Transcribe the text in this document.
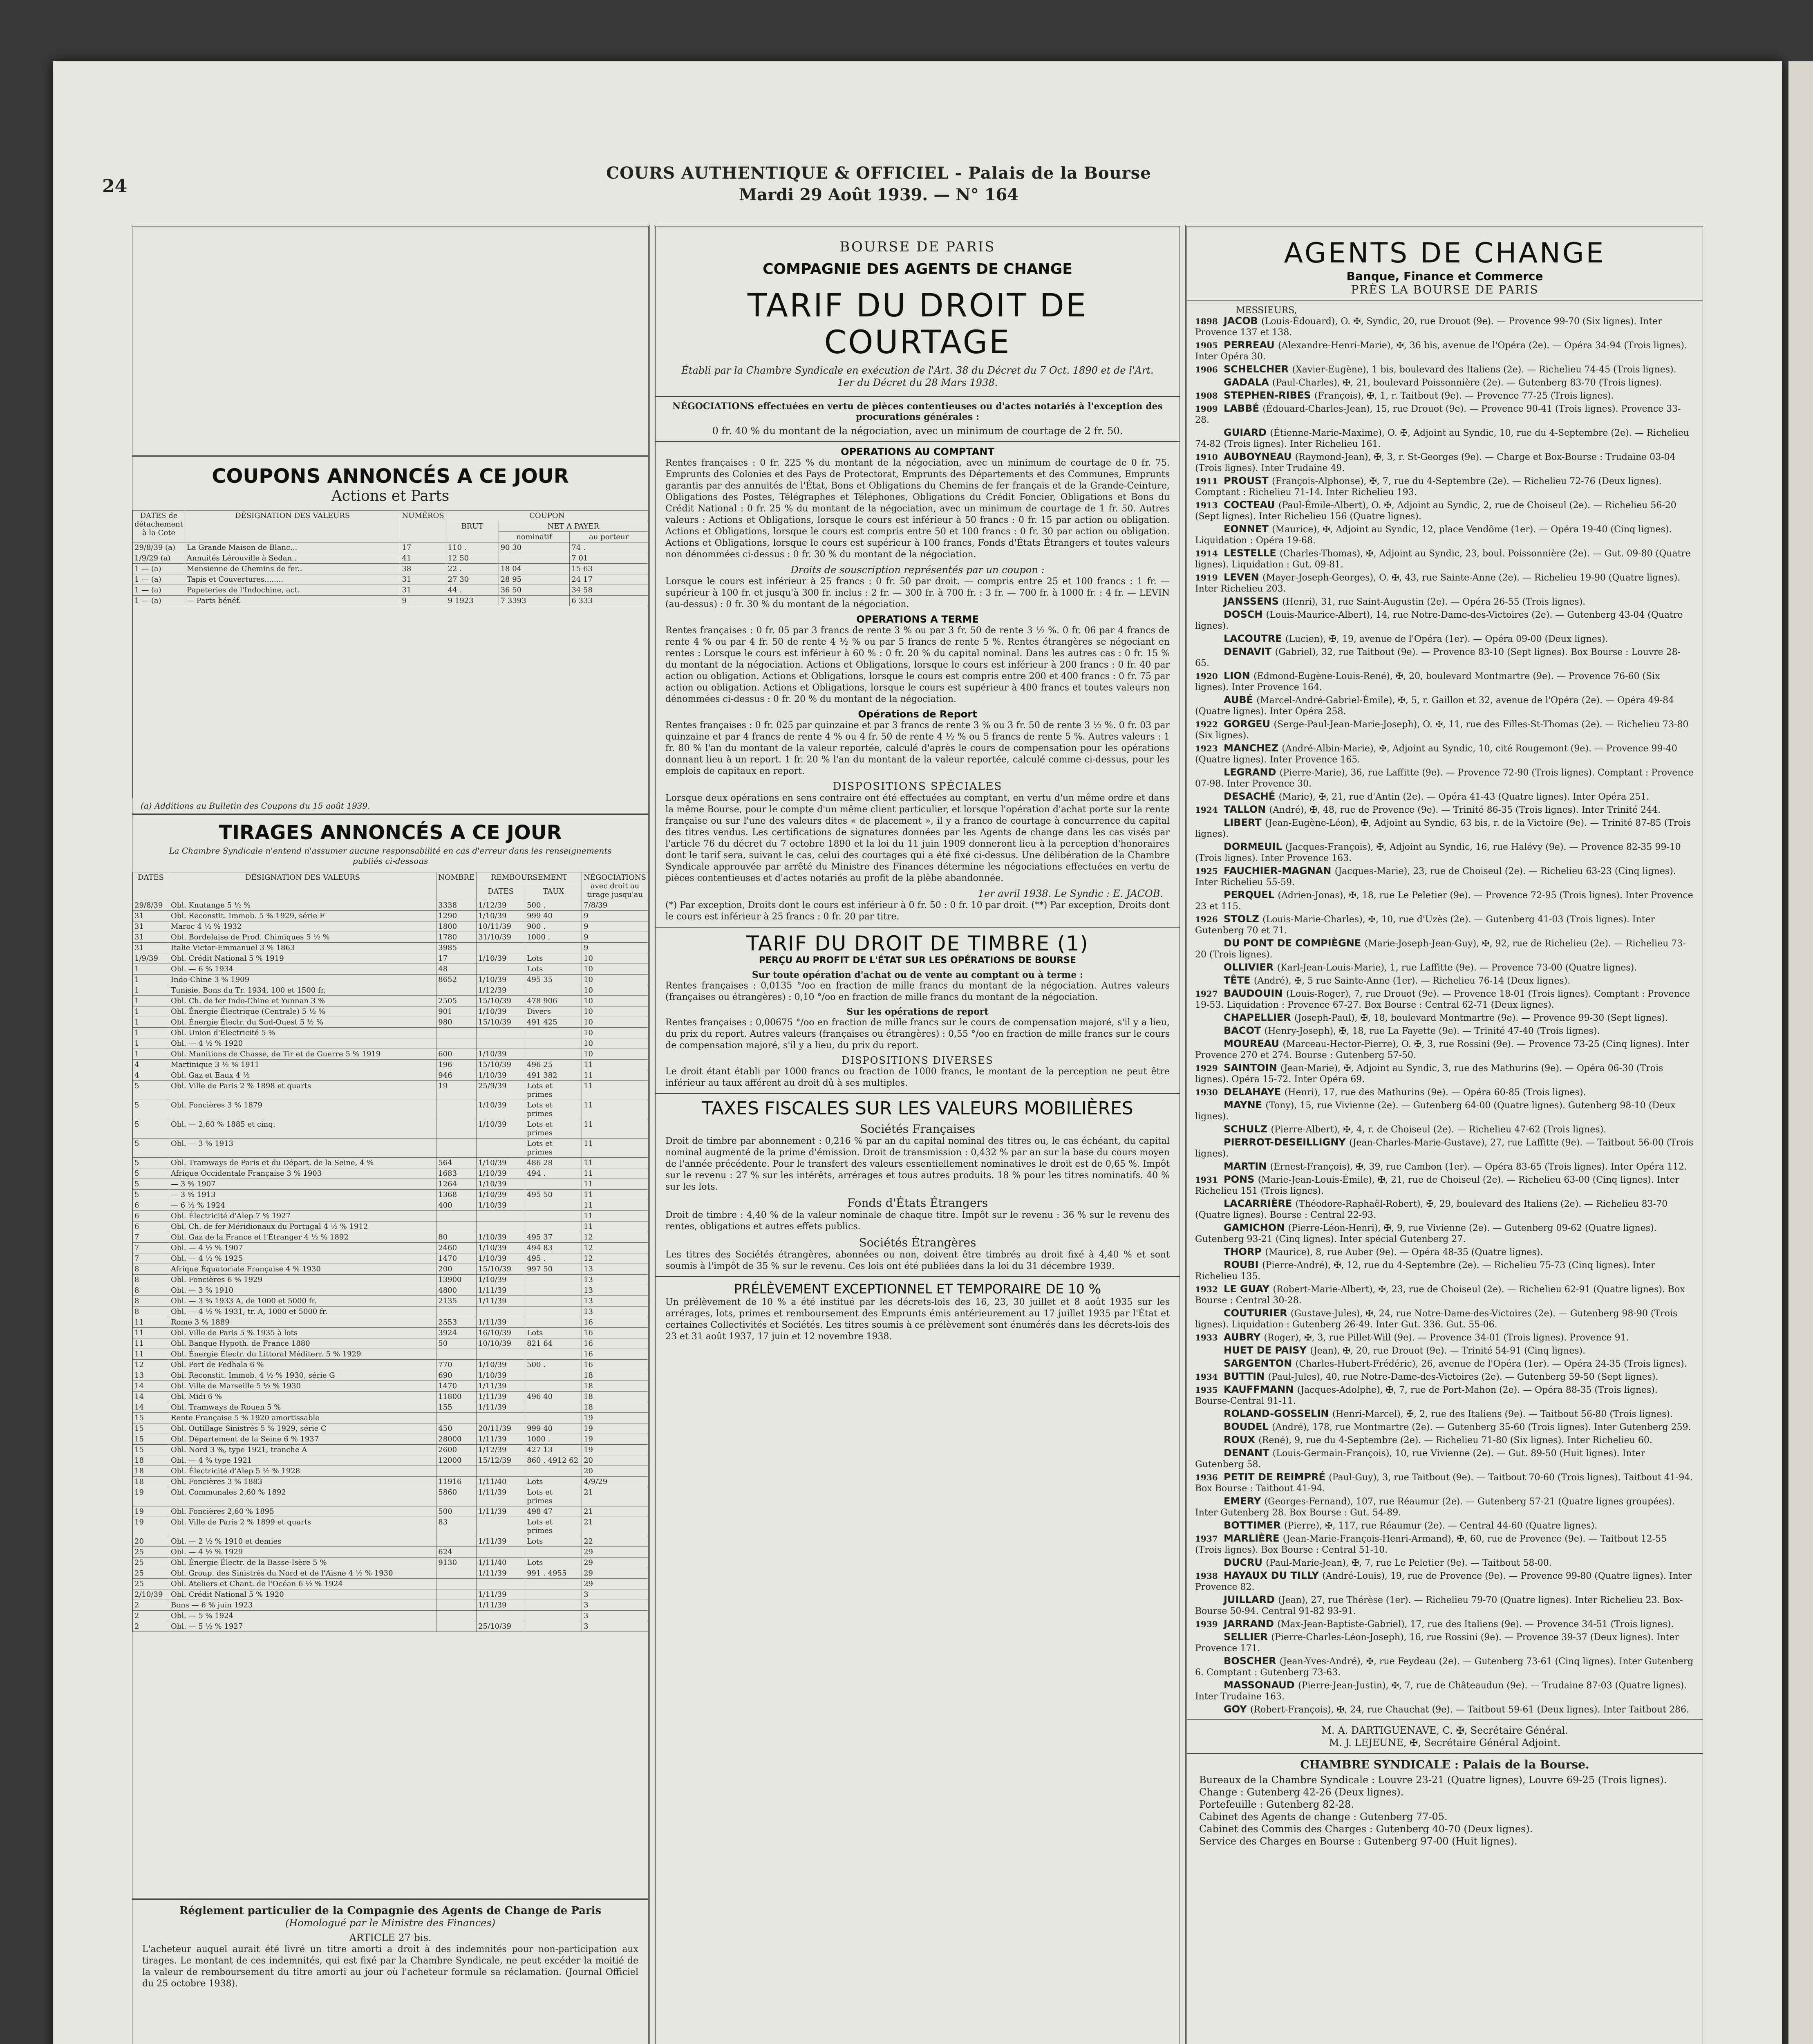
24
COURS AUTHENTIQUE & OFFICIEL - Palais de la Bourse
Mardi 29 Août 1939. — N° 164
COUPONS ANNONCÉS A CE JOUR
Actions et Parts
DATES de détachement à la Cote	DÉSIGNATION DES VALEURS	NUMÉROS	COUPON		
			BRUT	NET A PAYER	
				nominatif	au porteur
29/8/39 (a)	La Grande Maison de Blanc...	17	110 .	90 30	74 .
1/9/29 (a)	Annuités Lérouville à Sedan..	41	12 50		7 01
1 — (a)	Mensienne de Chemins de fer..	38	22 .	18 04	15 63
1 — (a)	Tapis et Couvertures........	31	27 30	28 95	24 17
1 — (a)	Papeteries de l'Indochine, act.	31	44 .	36 50	34 58
1 — (a)	— Parts bénéf.	9	9 1923	7 3393	6 333
(a) Additions au Bulletin des Coupons du 15 août 1939.
TIRAGES ANNONCÉS A CE JOUR
La Chambre Syndicale n'entend n'assumer aucune responsabilité en cas d'erreur dans les renseignements publiés ci-dessous
DATES	DÉSIGNATION DES VALEURS	NOMBRE	REMBOURSEMENT		NÉGOCIATIONS avec droit au tirage jusqu'au
			DATES	TAUX	
29/8/39	Obl. Knutange 5 ½ %	3338	1/12/39	500 .	7/8/39
31	Obl. Reconstit. Immob. 5 % 1929, série F	1290	1/10/39	999 40	9
31	Maroc 4 ½ % 1932	1800	10/11/39	900 .	9
31	Obl. Bordelaise de Prod. Chimiques 5 ½ %	1780	31/10/39	1000 .	9
31	Italie Victor-Emmanuel 3 % 1863	3985			9
1/9/39	Obl. Crédit National 5 % 1919	17	1/10/39	Lots	10
1	Obl. — 6 % 1934	48		Lots	10
1	Indo-Chine 3 % 1909	8652	1/10/39	495 35	10
1	Tunisie, Bons du Tr. 1934, 100 et 1500 fr.		1/12/39		10
1	Obl. Ch. de fer Indo-Chine et Yunnan 3 %	2505	15/10/39	478 906	10
1	Obl. Énergie Électrique (Centrale) 5 ½ %	901	1/10/39	Divers	10
1	Obl. Énergie Électr. du Sud-Ouest 5 ½ %	980	15/10/39	491 425	10
1	Obl. Union d'Électricité 5 %				10
1	Obl. — 4 ½ % 1920				10
1	Obl. Munitions de Chasse, de Tir et de Guerre 5 % 1919	600	1/10/39		10
4	Martinique 3 ½ % 1911	196	15/10/39	496 25	11
4	Obl. Gaz et Eaux 4 ½	946	1/10/39	491 382	11
5	Obl. Ville de Paris 2 % 1898 et quarts	19	25/9/39	Lots et primes	11
5	Obl. Foncières 3 % 1879		1/10/39	Lots et primes	11
5	Obl. — 2,60 % 1885 et cinq.		1/10/39	Lots et primes	11
5	Obl. — 3 % 1913			Lots et primes	11
5	Obl. Tramways de Paris et du Départ. de la Seine, 4 %	564	1/10/39	486 28	11
5	Afrique Occidentale Française 3 % 1903	1683	1/10/39	494 .	11
5	— 3 % 1907	1264	1/10/39		11
5	— 3 % 1913	1368	1/10/39	495 50	11
6	— 6 ½ % 1924	400	1/10/39		11
6	Obl. Électricité d'Alep 7 % 1927				11
6	Obl. Ch. de fer Méridionaux du Portugal 4 ½ % 1912				11
7	Obl. Gaz de la France et l'Étranger 4 ½ % 1892	80	1/10/39	495 37	12
7	Obl. — 4 ½ % 1907	2460	1/10/39	494 83	12
7	Obl. — 4 ½ % 1925	1470	1/10/39	495 .	12
8	Afrique Équatoriale Française 4 % 1930	200	15/10/39	997 50	13
8	Obl. Foncières 6 % 1929	13900	1/10/39		13
8	Obl. — 3 % 1910	4800	1/11/39		13
8	Obl. — 3 % 1933 A, de 1000 et 5000 fr.	2135	1/11/39		13
8	Obl. — 4 ½ % 1931, tr. A, 1000 et 5000 fr.				13
11	Rome 3 % 1889	2553	1/11/39		16
11	Obl. Ville de Paris 5 % 1935 à lots	3924	16/10/39	Lots	16
11	Obl. Banque Hypoth. de France 1880	50	10/10/39	821 64	16
11	Obl. Énergie Électr. du Littoral Méditerr. 5 % 1929				16
12	Obl. Port de Fedhala 6 %	770	1/10/39	500 .	16
13	Obl. Reconstit. Immob. 4 ½ % 1930, série G	690	1/10/39		18
14	Obl. Ville de Marseille 5 ½ % 1930	1470	1/11/39		18
14	Obl. Midi 6 %	11800	1/11/39	496 40	18
14	Obl. Tramways de Rouen 5 %	155	1/11/39		18
15	Rente Française 5 % 1920 amortissable				19
15	Obl. Outillage Sinistrés 5 % 1929, série C	450	20/11/39	999 40	19
15	Obl. Département de la Seine 6 % 1937	28000	1/11/39	1000 .	19
15	Obl. Nord 3 %, type 1921, tranche A	2600	1/12/39	427 13	19
18	Obl. — 4 % type 1921	12000	15/12/39	860 . 4912 62	20
18	Obl. Électricité d'Alep 5 ½ % 1928				20
18	Obl. Foncières 3 % 1883	11916	1/11/40	Lots	4/9/29
19	Obl. Communales 2,60 % 1892	5860	1/11/39	Lots et primes	21
19	Obl. Foncières 2,60 % 1895	500	1/11/39	498 47	21
19	Obl. Ville de Paris 2 % 1899 et quarts	83		Lots et primes	21
20	Obl. — 2 ½ % 1910 et demies		1/11/39	Lots	22
25	Obl. — 4 ½ % 1929	624			29
25	Obl. Énergie Électr. de la Basse-Isère 5 %	9130	1/11/40	Lots	29
25	Obl. Group. des Sinistrés du Nord et de l'Aisne 4 ½ % 1930		1/11/39	991 . 4955	29
25	Obl. Ateliers et Chant. de l'Océan 6 ½ % 1924				29
2/10/39	Obl. Crédit National 5 % 1920		1/11/39		3
2	Bons — 6 % juin 1923		1/11/39		3
2	Obl. — 5 % 1924				3
2	Obl. — 5 ½ % 1927		25/10/39		3
Réglement particulier de la Compagnie des Agents de Change de Paris
(Homologué par le Ministre des Finances)
ARTICLE 27 bis.
L'acheteur auquel aurait été livré un titre amorti a droit à des indemnités pour non-participation aux tirages. Le montant de ces indemnités, qui est fixé par la Chambre Syndicale, ne peut excéder la moitié de la valeur de remboursement du titre amorti au jour où l'acheteur formule sa réclamation. (Journal Officiel du 25 octobre 1938).
BOURSE DE PARIS
COMPAGNIE DES AGENTS DE CHANGE
TARIF DU DROIT DE COURTAGE
Établi par la Chambre Syndicale en exécution de l'Art. 38 du Décret du 7 Oct. 1890 et de l'Art. 1er du Décret du 28 Mars 1938.
NÉGOCIATIONS effectuées en vertu de pièces contentieuses ou d'actes notariés à l'exception des procurations générales :
0 fr. 40 % du montant de la négociation, avec un minimum de courtage de 2 fr. 50.
OPERATIONS AU COMPTANT
Rentes françaises : 0 fr. 225 % du montant de la négociation, avec un minimum de courtage de 0 fr. 75. Emprunts des Colonies et des Pays de Protectorat, Emprunts des Départements et des Communes, Emprunts garantis par des annuités de l'État, Bons et Obligations du Chemins de fer français et de la Grande-Ceinture, Obligations des Postes, Télégraphes et Téléphones, Obligations du Crédit Foncier, Obligations et Bons du Crédit National : 0 fr. 25 % du montant de la négociation, avec un minimum de courtage de 1 fr. 50. Autres valeurs : Actions et Obligations, lorsque le cours est inférieur à 50 francs : 0 fr. 15 par action ou obligation. Actions et Obligations, lorsque le cours est compris entre 50 et 100 francs : 0 fr. 30 par action ou obligation. Actions et Obligations, lorsque le cours est supérieur à 100 francs, Fonds d'États Étrangers et toutes valeurs non dénommées ci-dessus : 0 fr. 30 % du montant de la négociation.
Droits de souscription représentés par un coupon :
Lorsque le cours est inférieur à 25 francs : 0 fr. 50 par droit. — compris entre 25 et 100 francs : 1 fr. — supérieur à 100 fr. et jusqu'à 300 fr. inclus : 2 fr. — 300 fr. à 700 fr. : 3 fr. — 700 fr. à 1000 fr. : 4 fr. — LEVIN (au-dessus) : 0 fr. 30 % du montant de la négociation.
OPERATIONS A TERME
Rentes françaises : 0 fr. 05 par 3 francs de rente 3 % ou par 3 fr. 50 de rente 3 ½ %. 0 fr. 06 par 4 francs de rente 4 % ou par 4 fr. 50 de rente 4 ½ % ou par 5 francs de rente 5 %. Rentes étrangères se négociant en rentes : Lorsque le cours est inférieur à 60 % : 0 fr. 20 % du capital nominal. Dans les autres cas : 0 fr. 15 % du montant de la négociation. Actions et Obligations, lorsque le cours est inférieur à 200 francs : 0 fr. 40 par action ou obligation. Actions et Obligations, lorsque le cours est compris entre 200 et 400 francs : 0 fr. 75 par action ou obligation. Actions et Obligations, lorsque le cours est supérieur à 400 francs et toutes valeurs non dénommées ci-dessus : 0 fr. 20 % du montant de la négociation.
Opérations de Report
Rentes françaises : 0 fr. 025 par quinzaine et par 3 francs de rente 3 % ou 3 fr. 50 de rente 3 ½ %. 0 fr. 03 par quinzaine et par 4 francs de rente 4 % ou 4 fr. 50 de rente 4 ½ % ou 5 francs de rente 5 %. Autres valeurs : 1 fr. 80 % l'an du montant de la valeur reportée, calculé d'après le cours de compensation pour les opérations donnant lieu à un report. 1 fr. 20 % l'an du montant de la valeur reportée, calculé comme ci-dessus, pour les emplois de capitaux en report.
DISPOSITIONS SPÉCIALES
Lorsque deux opérations en sens contraire ont été effectuées au comptant, en vertu d'un même ordre et dans la même Bourse, pour le compte d'un même client particulier, et lorsque l'opération d'achat porte sur la rente française ou sur l'une des valeurs dites « de placement », il y a franco de courtage à concurrence du capital des titres vendus. Les certifications de signatures données par les Agents de change dans les cas visés par l'article 76 du décret du 7 octobre 1890 et la loi du 11 juin 1909 donneront lieu à la perception d'honoraires dont le tarif sera, suivant le cas, celui des courtages qui a été fixé ci-dessus. Une délibération de la Chambre Syndicale approuvée par arrêté du Ministre des Finances détermine les négociations effectuées en vertu de pièces contentieuses et d'actes notariés au profit de la plèbe abandonnée.
1er avril 1938. Le Syndic : E. JACOB.
(*) Par exception, Droits dont le cours est inférieur à 0 fr. 50 : 0 fr. 10 par droit. (**) Par exception, Droits dont le cours est inférieur à 25 francs : 0 fr. 20 par titre.
TARIF DU DROIT DE TIMBRE (1)
PERÇU AU PROFIT DE L'ÉTAT SUR LES OPÉRATIONS DE BOURSE
Sur toute opération d'achat ou de vente au comptant ou à terme :
Rentes françaises : 0,0135 °/oo en fraction de mille francs du montant de la négociation. Autres valeurs (françaises ou étrangères) : 0,10 °/oo en fraction de mille francs du montant de la négociation.
Sur les opérations de report
Rentes françaises : 0,00675 °/oo en fraction de mille francs sur le cours de compensation majoré, s'il y a lieu, du prix du report. Autres valeurs (françaises ou étrangères) : 0,55 °/oo en fraction de mille francs sur le cours de compensation majoré, s'il y a lieu, du prix du report.
DISPOSITIONS DIVERSES
Le droit étant établi par 1000 francs ou fraction de 1000 francs, le montant de la perception ne peut être inférieur au taux afférent au droit dû à ses multiples.
TAXES FISCALES SUR LES VALEURS MOBILIÈRES
Sociétés Françaises
Droit de timbre par abonnement : 0,216 % par an du capital nominal des titres ou, le cas échéant, du capital nominal augmenté de la prime d'émission. Droit de transmission : 0,432 % par an sur la base du cours moyen de l'année précédente. Pour le transfert des valeurs essentiellement nominatives le droit est de 0,65 %. Impôt sur le revenu : 27 % sur les intérêts, arrérages et tous autres produits. 18 % pour les titres nominatifs. 40 % sur les lots.
Fonds d'États Étrangers
Droit de timbre : 4,40 % de la valeur nominale de chaque titre. Impôt sur le revenu : 36 % sur le revenu des rentes, obligations et autres effets publics.
Sociétés Étrangères
Les titres des Sociétés étrangères, abonnées ou non, doivent être timbrés au droit fixé à 4,40 % et sont soumis à l'impôt de 35 % sur le revenu. Ces lois ont été publiées dans la loi du 31 décembre 1939.
PRÉLÈVEMENT EXCEPTIONNEL ET TEMPORAIRE DE 10 %
Un prélèvement de 10 % a été institué par les décrets-lois des 16, 23, 30 juillet et 8 août 1935 sur les arrérages, lots, primes et remboursement des Emprunts émis antérieurement au 17 juillet 1935 par l'État et certaines Collectivités et Sociétés. Les titres soumis à ce prélèvement sont énumérés dans les décrets-lois des 23 et 31 août 1937, 17 juin et 12 novembre 1938.
AGENTS DE CHANGE
Banque, Finance et Commerce
PRÈS LA BOURSE DE PARIS
MESSIEURS,
1898 JACOB (Louis-Édouard), O. ✠, Syndic, 20, rue Drouot (9e). — Provence 99-70 (Six lignes). Inter Provence 137 et 138.
1905 PERREAU (Alexandre-Henri-Marie), ✠, 36 bis, avenue de l'Opéra (2e). — Opéra 34-94 (Trois lignes). Inter Opéra 30.
1906 SCHELCHER (Xavier-Eugène), 1 bis, boulevard des Italiens (2e). — Richelieu 74-45 (Trois lignes).
GADALA (Paul-Charles), ✠, 21, boulevard Poissonnière (2e). — Gutenberg 83-70 (Trois lignes).
1908 STEPHEN-RIBES (François), ✠, 1, r. Taitbout (9e). — Provence 77-25 (Trois lignes).
1909 LABBÉ (Édouard-Charles-Jean), 15, rue Drouot (9e). — Provence 90-41 (Trois lignes). Provence 33-28.
GUIARD (Étienne-Marie-Maxime), O. ✠, Adjoint au Syndic, 10, rue du 4-Septembre (2e). — Richelieu 74-82 (Trois lignes). Inter Richelieu 161.
1910 AUBOYNEAU (Raymond-Jean), ✠, 3, r. St-Georges (9e). — Charge et Box-Bourse : Trudaine 03-04 (Trois lignes). Inter Trudaine 49.
1911 PROUST (François-Alphonse), ✠, 7, rue du 4-Septembre (2e). — Richelieu 72-76 (Deux lignes). Comptant : Richelieu 71-14. Inter Richelieu 193.
1913 COCTEAU (Paul-Émile-Albert), O. ✠, Adjoint au Syndic, 2, rue de Choiseul (2e). — Richelieu 56-20 (Sept lignes). Inter Richelieu 156 (Quatre lignes).
EONNET (Maurice), ✠, Adjoint au Syndic, 12, place Vendôme (1er). — Opéra 19-40 (Cinq lignes). Liquidation : Opéra 19-68.
1914 LESTELLE (Charles-Thomas), ✠, Adjoint au Syndic, 23, boul. Poissonnière (2e). — Gut. 09-80 (Quatre lignes). Liquidation : Gut. 09-81.
1919 LEVEN (Mayer-Joseph-Georges), O. ✠, 43, rue Sainte-Anne (2e). — Richelieu 19-90 (Quatre lignes). Inter Richelieu 203.
JANSSENS (Henri), 31, rue Saint-Augustin (2e). — Opéra 26-55 (Trois lignes).
DOSCH (Louis-Maurice-Albert), 14, rue Notre-Dame-des-Victoires (2e). — Gutenberg 43-04 (Quatre lignes).
LACOUTRE (Lucien), ✠, 19, avenue de l'Opéra (1er). — Opéra 09-00 (Deux lignes).
DENAVIT (Gabriel), 32, rue Taitbout (9e). — Provence 83-10 (Sept lignes). Box Bourse : Louvre 28-65.
1920 LION (Edmond-Eugène-Louis-René), ✠, 20, boulevard Montmartre (9e). — Provence 76-60 (Six lignes). Inter Provence 164.
AUBÉ (Marcel-André-Gabriel-Émile), ✠, 5, r. Gaillon et 32, avenue de l'Opéra (2e). — Opéra 49-84 (Quatre lignes). Inter Opéra 258.
1922 GORGEU (Serge-Paul-Jean-Marie-Joseph), O. ✠, 11, rue des Filles-St-Thomas (2e). — Richelieu 73-80 (Six lignes).
1923 MANCHEZ (André-Albin-Marie), ✠, Adjoint au Syndic, 10, cité Rougemont (9e). — Provence 99-40 (Quatre lignes). Inter Provence 165.
LEGRAND (Pierre-Marie), 36, rue Laffitte (9e). — Provence 72-90 (Trois lignes). Comptant : Provence 07-98. Inter Provence 30.
DESACHÉ (Marie), ✠, 21, rue d'Antin (2e). — Opéra 41-43 (Quatre lignes). Inter Opéra 251.
1924 TALLON (André), ✠, 48, rue de Provence (9e). — Trinité 86-35 (Trois lignes). Inter Trinité 244.
LIBERT (Jean-Eugène-Léon), ✠, Adjoint au Syndic, 63 bis, r. de la Victoire (9e). — Trinité 87-85 (Trois lignes).
DORMEUIL (Jacques-François), ✠, Adjoint au Syndic, 16, rue Halévy (9e). — Provence 82-35 99-10 (Trois lignes). Inter Provence 163.
1925 FAUCHIER-MAGNAN (Jacques-Marie), 23, rue de Choiseul (2e). — Richelieu 63-23 (Cinq lignes). Inter Richelieu 55-59.
PERQUEL (Adrien-Jonas), ✠, 18, rue Le Peletier (9e). — Provence 72-95 (Trois lignes). Inter Provence 23 et 115.
1926 STOLZ (Louis-Marie-Charles), ✠, 10, rue d'Uzès (2e). — Gutenberg 41-03 (Trois lignes). Inter Gutenberg 70 et 71.
DU PONT DE COMPIÈGNE (Marie-Joseph-Jean-Guy), ✠, 92, rue de Richelieu (2e). — Richelieu 73-20 (Trois lignes).
OLLIVIER (Karl-Jean-Louis-Marie), 1, rue Laffitte (9e). — Provence 73-00 (Quatre lignes).
TÊTE (André), ✠, 5 rue Sainte-Anne (1er). — Richelieu 76-14 (Deux lignes).
1927 BAUDOUIN (Louis-Roger), 7, rue Drouot (9e). — Provence 18-01 (Trois lignes). Comptant : Provence 19-53. Liquidation : Provence 67-27. Box Bourse : Central 62-71 (Deux lignes).
CHAPELLIER (Joseph-Paul), ✠, 18, boulevard Montmartre (9e). — Provence 99-30 (Sept lignes).
BACOT (Henry-Joseph), ✠, 18, rue La Fayette (9e). — Trinité 47-40 (Trois lignes).
MOUREAU (Marceau-Hector-Pierre), O. ✠, 3, rue Rossini (9e). — Provence 73-25 (Cinq lignes). Inter Provence 270 et 274. Bourse : Gutenberg 57-50.
1929 SAINTOIN (Jean-Marie), ✠, Adjoint au Syndic, 3, rue des Mathurins (9e). — Opéra 06-30 (Trois lignes). Opéra 15-72. Inter Opéra 69.
1930 DELAHAYE (Henri), 17, rue des Mathurins (9e). — Opéra 60-85 (Trois lignes).
MAYNE (Tony), 15, rue Vivienne (2e). — Gutenberg 64-00 (Quatre lignes). Gutenberg 98-10 (Deux lignes).
SCHULZ (Pierre-Albert), ✠, 4, r. de Choiseul (2e). — Richelieu 47-62 (Trois lignes).
PIERROT-DESEILLIGNY (Jean-Charles-Marie-Gustave), 27, rue Laffitte (9e). — Taitbout 56-00 (Trois lignes).
MARTIN (Ernest-François), ✠, 39, rue Cambon (1er). — Opéra 83-65 (Trois lignes). Inter Opéra 112.
1931 PONS (Marie-Jean-Louis-Émile), ✠, 21, rue de Choiseul (2e). — Richelieu 63-00 (Cinq lignes). Inter Richelieu 151 (Trois lignes).
LACARRIÈRE (Théodore-Raphaël-Robert), ✠, 29, boulevard des Italiens (2e). — Richelieu 83-70 (Quatre lignes). Bourse : Central 22-93.
GAMICHON (Pierre-Léon-Henri), ✠, 9, rue Vivienne (2e). — Gutenberg 09-62 (Quatre lignes). Gutenberg 93-21 (Cinq lignes). Inter spécial Gutenberg 27.
THORP (Maurice), 8, rue Auber (9e). — Opéra 48-35 (Quatre lignes).
ROUBI (Pierre-André), ✠, 12, rue du 4-Septembre (2e). — Richelieu 75-73 (Cinq lignes). Inter Richelieu 135.
1932 LE GUAY (Robert-Marie-Albert), ✠, 23, rue de Choiseul (2e). — Richelieu 62-91 (Quatre lignes). Box Bourse : Central 30-28.
COUTURIER (Gustave-Jules), ✠, 24, rue Notre-Dame-des-Victoires (2e). — Gutenberg 98-90 (Trois lignes). Liquidation : Gutenberg 26-49. Inter Gut. 336. Gut. 55-06.
1933 AUBRY (Roger), ✠, 3, rue Pillet-Will (9e). — Provence 34-01 (Trois lignes). Provence 91.
HUET DE PAISY (Jean), ✠, 20, rue Drouot (9e). — Trinité 54-91 (Cinq lignes).
SARGENTON (Charles-Hubert-Frédéric), 26, avenue de l'Opéra (1er). — Opéra 24-35 (Trois lignes).
1934 BUTTIN (Paul-Jules), 40, rue Notre-Dame-des-Victoires (2e). — Gutenberg 59-50 (Sept lignes).
1935 KAUFFMANN (Jacques-Adolphe), ✠, 7, rue de Port-Mahon (2e). — Opéra 88-35 (Trois lignes). Bourse-Central 91-11.
ROLAND-GOSSELIN (Henri-Marcel), ✠, 2, rue des Italiens (9e). — Taitbout 56-80 (Trois lignes).
BOUDEL (André), 178, rue Montmartre (2e). — Gutenberg 35-60 (Trois lignes). Inter Gutenberg 259.
ROUX (René), 9, rue du 4-Septembre (2e). — Richelieu 71-80 (Six lignes). Inter Richelieu 60.
DENANT (Louis-Germain-François), 10, rue Vivienne (2e). — Gut. 89-50 (Huit lignes). Inter Gutenberg 58.
1936 PETIT DE REIMPRÉ (Paul-Guy), 3, rue Taitbout (9e). — Taitbout 70-60 (Trois lignes). Taitbout 41-94. Box Bourse : Taitbout 41-94.
EMERY (Georges-Fernand), 107, rue Réaumur (2e). — Gutenberg 57-21 (Quatre lignes groupées). Inter Gutenberg 28. Box Bourse : Gut. 54-89.
BOTTIMER (Pierre), ✠, 117, rue Réaumur (2e). — Central 44-60 (Quatre lignes).
1937 MARLIÈRE (Jean-Marie-François-Henri-Armand), ✠, 60, rue de Provence (9e). — Taitbout 12-55 (Trois lignes). Box Bourse : Central 51-10.
DUCRU (Paul-Marie-Jean), ✠, 7, rue Le Peletier (9e). — Taitbout 58-00.
1938 HAYAUX DU TILLY (André-Louis), 19, rue de Provence (9e). — Provence 99-80 (Quatre lignes). Inter Provence 82.
JUILLARD (Jean), 27, rue Thérèse (1er). — Richelieu 79-70 (Quatre lignes). Inter Richelieu 23. Box-Bourse 50-94. Central 91-82 93-91.
1939 JARRAND (Max-Jean-Baptiste-Gabriel), 17, rue des Italiens (9e). — Provence 34-51 (Trois lignes).
SELLIER (Pierre-Charles-Léon-Joseph), 16, rue Rossini (9e). — Provence 39-37 (Deux lignes). Inter Provence 171.
BOSCHER (Jean-Yves-André), ✠, rue Feydeau (2e). — Gutenberg 73-61 (Cinq lignes). Inter Gutenberg 6. Comptant : Gutenberg 73-63.
MASSONAUD (Pierre-Jean-Justin), ✠, 7, rue de Châteaudun (9e). — Trudaine 87-03 (Quatre lignes). Inter Trudaine 163.
GOY (Robert-François), ✠, 24, rue Chauchat (9e). — Taitbout 59-61 (Deux lignes). Inter Taitbout 286.
M. A. DARTIGUENAVE, C. ✠, Secrétaire Général.
M. J. LEJEUNE, ✠, Secrétaire Général Adjoint.
CHAMBRE SYNDICALE : Palais de la Bourse.
Bureaux de la Chambre Syndicale : Louvre 23-21 (Quatre lignes), Louvre 69-25 (Trois lignes).
Change : Gutenberg 42-26 (Deux lignes).
Portefeuille : Gutenberg 82-28.
Cabinet des Agents de change : Gutenberg 77-05.
Cabinet des Commis des Charges : Gutenberg 40-70 (Deux lignes).
Service des Charges en Bourse : Gutenberg 97-00 (Huit lignes).
